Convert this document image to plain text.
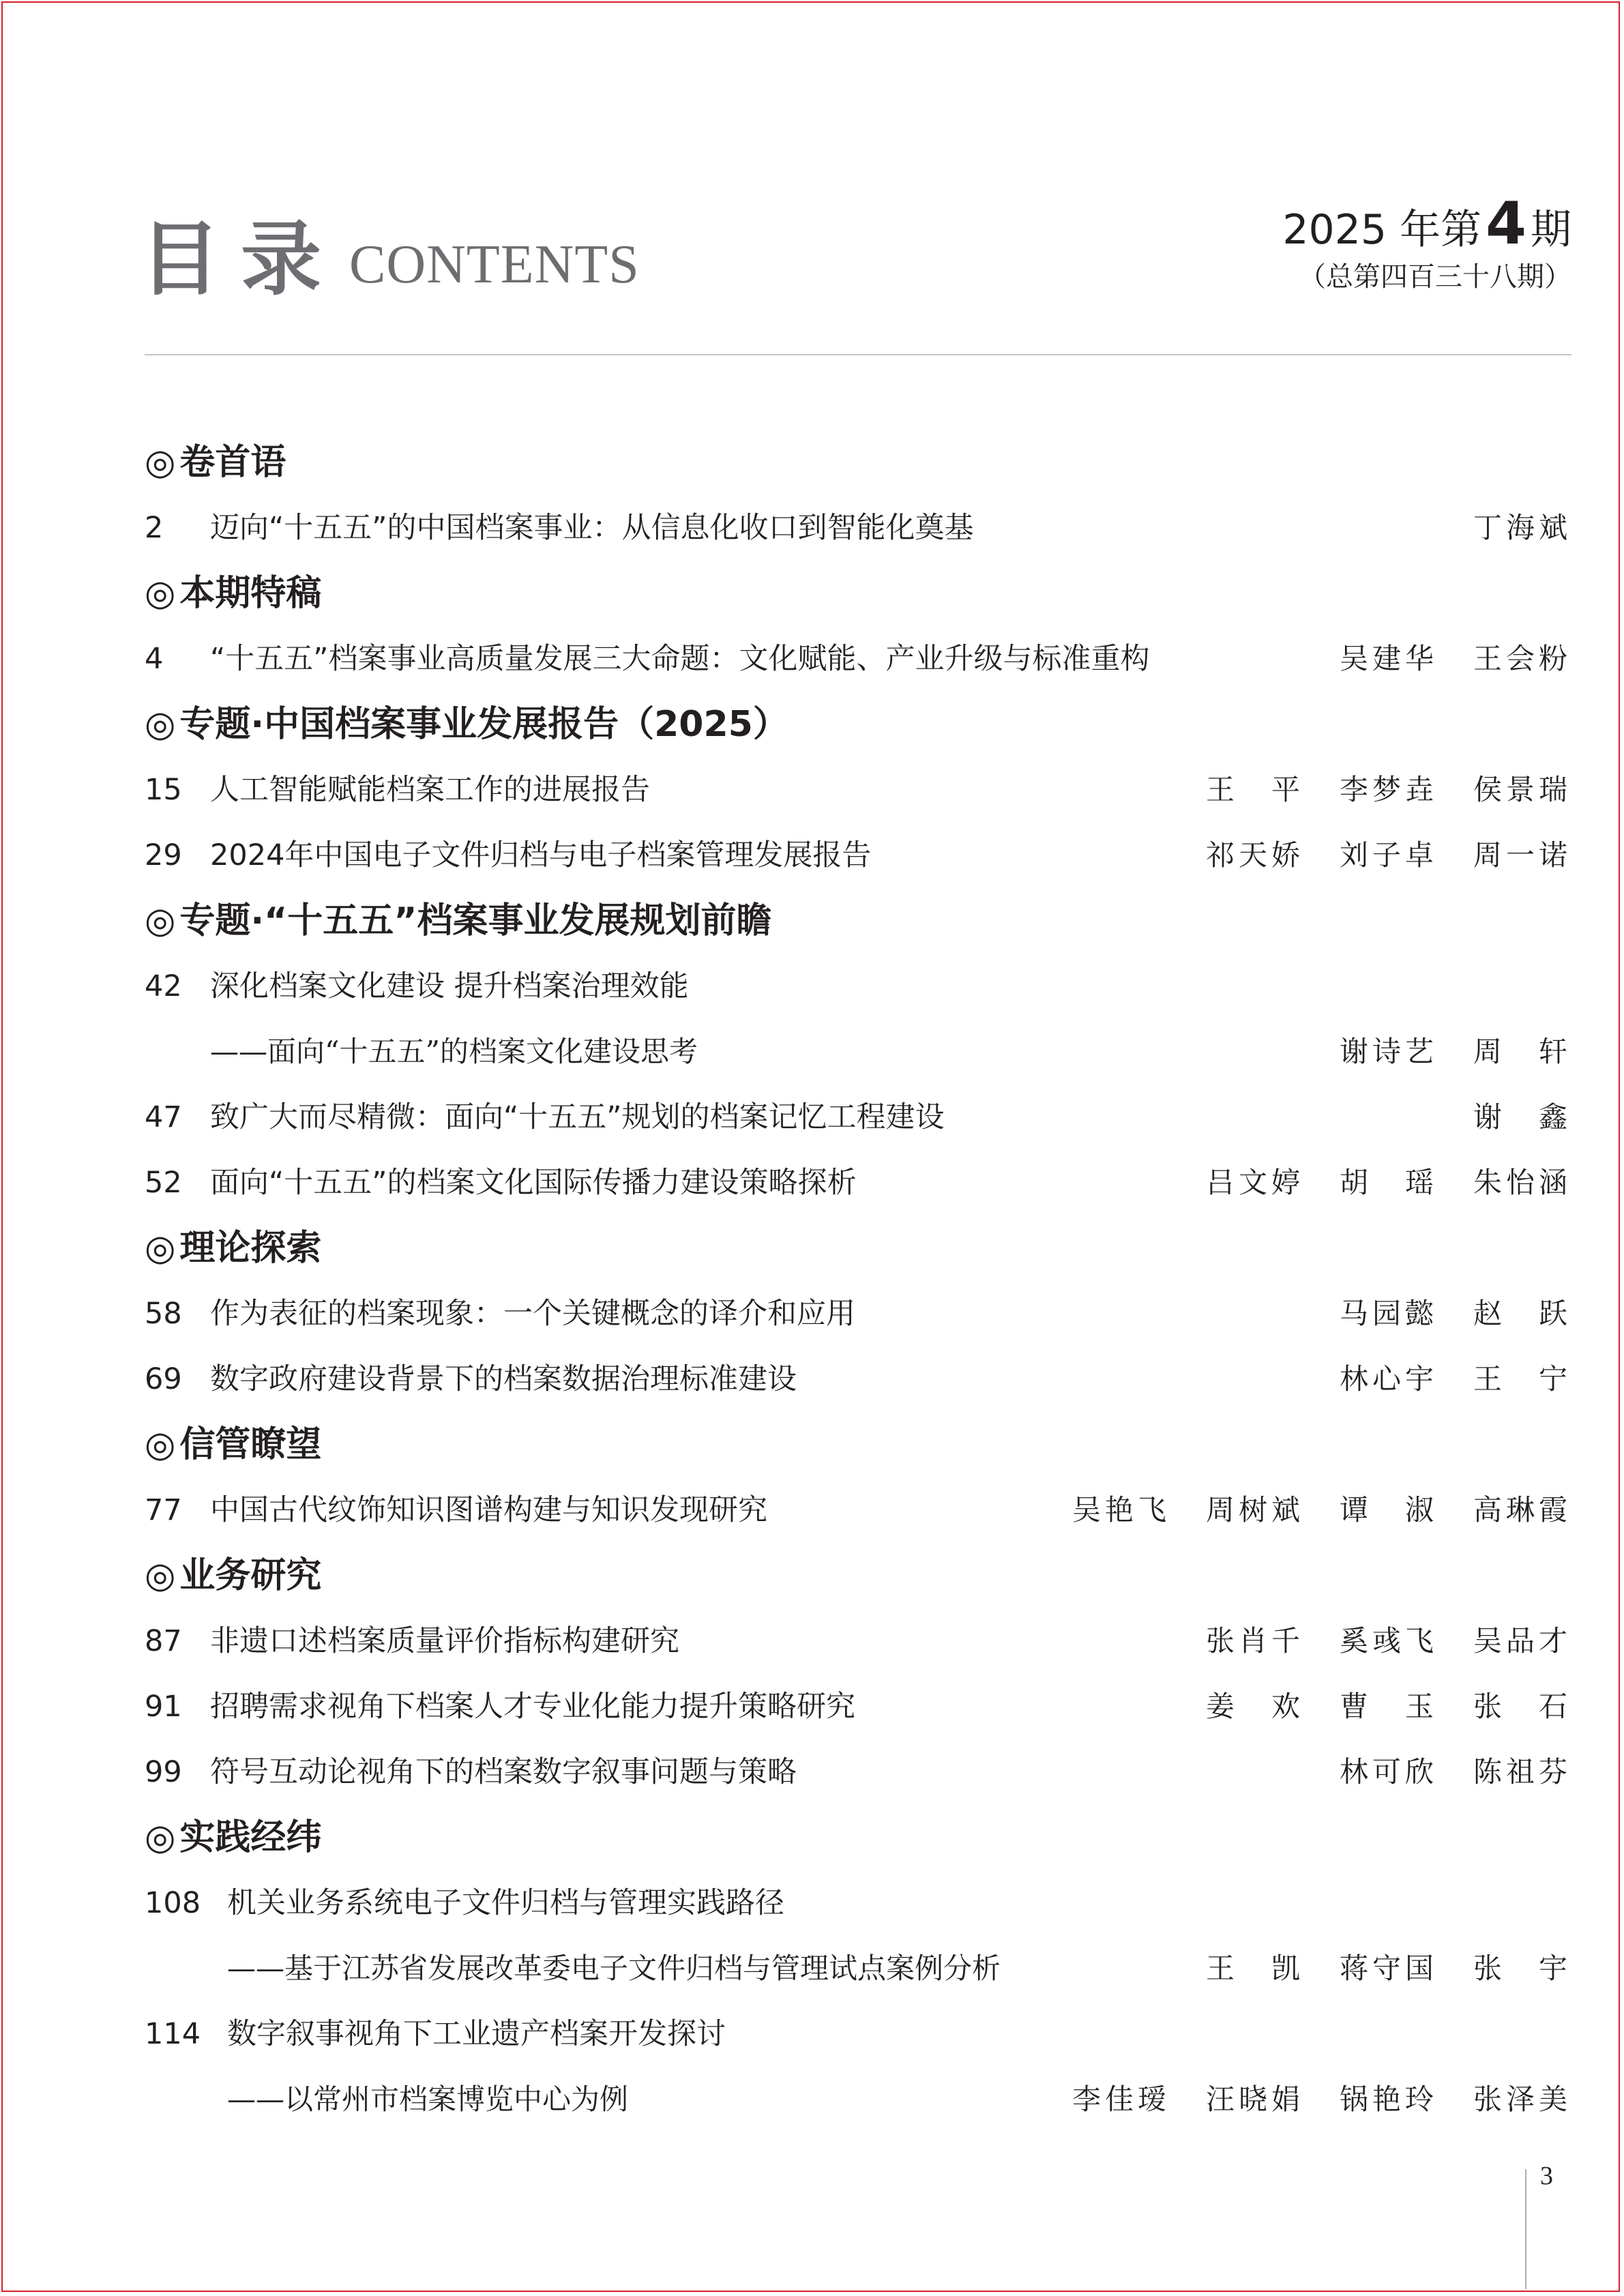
目录 CONTENTS
2025 年第4 期
（总第四百三十八期）
◎ 卷首语
2 迈向“十五五”的中国档案事业：从信息化收口到智能化奠基	丁海斌
◎ 本期特稿
4 “十五五”档案事业高质量发展三大命题：文化赋能、产业升级与标准重构	吴建华 王会粉
◎ 专题·中国档案事业发展报告（2025）
15 人工智能赋能档案工作的进展报告	王　平 李梦垚 侯景瑞
29 2024年中国电子文件归档与电子档案管理发展报告	祁天娇 刘子卓 周一诺
◎ 专题·“十五五”档案事业发展规划前瞻
42 深化档案文化建设 提升档案治理效能
——面向“十五五”的档案文化建设思考	谢诗艺 周　轩
47 致广大而尽精微：面向“十五五”规划的档案记忆工程建设	谢　鑫
52 面向“十五五”的档案文化国际传播力建设策略探析	吕文婷 胡　瑶 朱怡涵
◎ 理论探索
58 作为表征的档案现象：一个关键概念的译介和应用	马园懿 赵　跃
69 数字政府建设背景下的档案数据治理标准建设	林心宇 王　宁
◎ 信管瞭望
77 中国古代纹饰知识图谱构建与知识发现研究	吴艳飞 周树斌 谭　淑 高琳霞
◎ 业务研究
87 非遗口述档案质量评价指标构建研究	张肖千 奚彧飞 吴品才
91 招聘需求视角下档案人才专业化能力提升策略研究	姜　欢 曹　玉 张　石
99 符号互动论视角下的档案数字叙事问题与策略	林可欣 陈祖芬
◎ 实践经纬
108 机关业务系统电子文件归档与管理实践路径
——基于江苏省发展改革委电子文件归档与管理试点案例分析	王　凯 蒋守国 张　宇
114 数字叙事视角下工业遗产档案开发探讨
——以常州市档案博览中心为例	李佳瑷 汪晓娟 锅艳玲 张泽美
3
